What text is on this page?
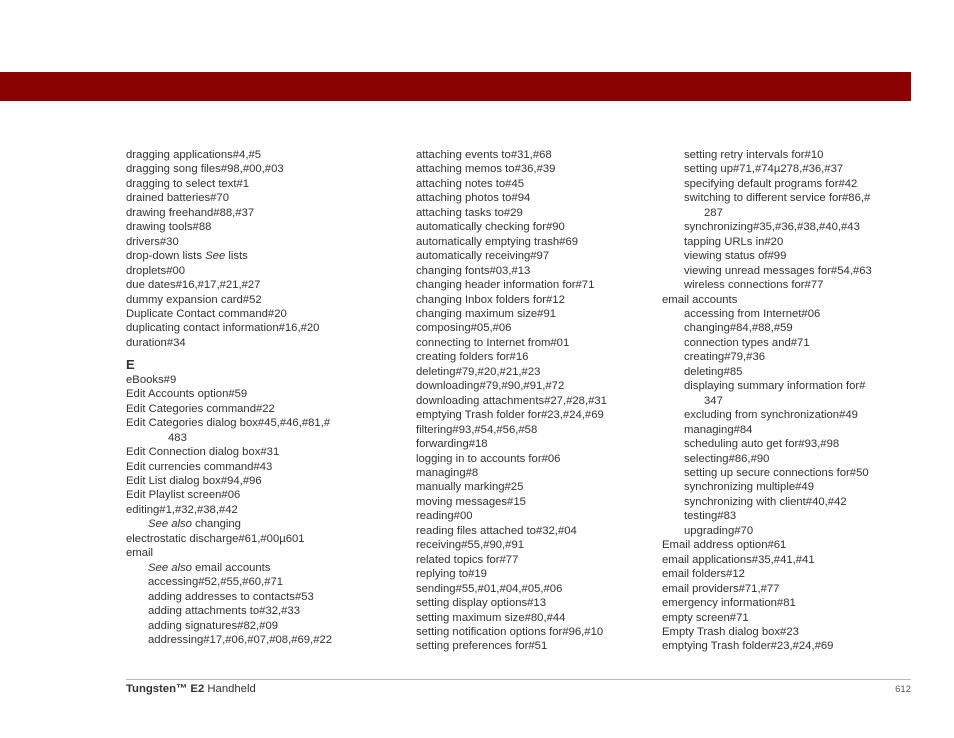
dragging applications#4,#5
dragging song files#98,#00,#03
dragging to select text#1
drained batteries#70
drawing freehand#88,#37
drawing tools#88
drivers#30
drop-down lists See lists
droplets#00
due dates#16,#17,#21,#27
dummy expansion card#52
Duplicate Contact command#20
duplicating contact information#16,#20
duration#34
E
eBooks#9
Edit Accounts option#59
Edit Categories command#22
Edit Categories dialog box#45,#46,#81,#
483
Edit Connection dialog box#31
Edit currencies command#43
Edit List dialog box#94,#96
Edit Playlist screen#06
editing#1,#32,#38,#42
See also changing
electrostatic discharge#61,#00µ601
email
See also email accounts
accessing#52,#55,#60,#71
adding addresses to contacts#53
adding attachments to#32,#33
adding signatures#82,#09
addressing#17,#06,#07,#08,#69,#22
attaching events to#31,#68
attaching memos to#36,#39
attaching notes to#45
attaching photos to#94
attaching tasks to#29
automatically checking for#90
automatically emptying trash#69
automatically receiving#97
changing fonts#03,#13
changing header information for#71
changing Inbox folders for#12
changing maximum size#91
composing#05,#06
connecting to Internet from#01
creating folders for#16
deleting#79,#20,#21,#23
downloading#79,#90,#91,#72
downloading attachments#27,#28,#31
emptying Trash folder for#23,#24,#69
filtering#93,#54,#56,#58
forwarding#18
logging in to accounts for#06
managing#8
manually marking#25
moving messages#15
reading#00
reading files attached to#32,#04
receiving#55,#90,#91
related topics for#77
replying to#19
sending#55,#01,#04,#05,#06
setting display options#13
setting maximum size#80,#44
setting notification options for#96,#10
setting preferences for#51
setting retry intervals for#10
setting up#71,#74µ278,#36,#37
specifying default programs for#42
switching to different service for#86,#
287
synchronizing#35,#36,#38,#40,#43
tapping URLs in#20
viewing status of#99
viewing unread messages for#54,#63
wireless connections for#77
email accounts
accessing from Internet#06
changing#84,#88,#59
connection types and#71
creating#79,#36
deleting#85
displaying summary information for#
347
excluding from synchronization#49
managing#84
scheduling auto get for#93,#98
selecting#86,#90
setting up secure connections for#50
synchronizing multiple#49
synchronizing with client#40,#42
testing#83
upgrading#70
Email address option#61
email applications#35,#41,#41
email folders#12
email providers#71,#77
emergency information#81
empty screen#71
Empty Trash dialog box#23
emptying Trash folder#23,#24,#69
Tungsten™ E2 Handheld	612
